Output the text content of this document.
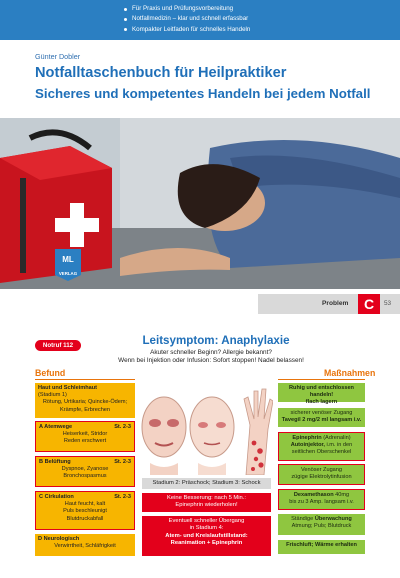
Für Praxis und Prüfungsvorbereitung
Notfallmedizin – klar und schnell erfassbar
Kompakter Leitfaden für schnelles Handeln
Günter Dobler
Notfalltaschenbuch für Heilpraktiker
Sicheres und kompetentes Handeln bei jedem Notfall
ML
VERLAG
Problem	C	53
Notruf 112	Leitsymptom: Anaphylaxie
Akuter schneller Beginn? Allergie bekannt?
Wenn bei Injektion oder Infusion: Sofort stoppen! Nadel belassen!
Befund	Maßnahmen
Haut und Schleimhaut
(Stadium 1)
Rötung, Urtikaria; Quincke-Ödem; Krämpfe, Erbrechen
A Atemwege	St. 2-3
Heiserkeit, Stridor
Reden erschwert
B Belüftung	St. 2-3
Dyspnoe, Zyanose
Bronchospasmus
C Cirkulation	St. 2-3
Haut feucht, kalt
Puls beschleunigt
Blutdruckabfall
D Neurologisch
Verwirrtheit, Schläfrigkeit
Stadium 2: Präschock; Stadium 3: Schock
Keine Besserung: nach 5 Min.:
Epinephrin wiederholen!
Eventuell schneller Übergang
in Stadium 4:
Atem- und Kreislaufstillstand:
Reanimation + Epinephrin
Ruhig und entschlossen handeln!
flach lagern
sicherer venöser Zugang
Tavegil 2 mg/2 ml langsam i.v.
Epinephrin (Adrenalin)
Autoinjektor, i.m. in den
seitlichen Oberschenkel
Venöser Zugang
zügige Elektrolytinfusion
Dexamethason 40mg
bis zu 3 Amp. langsam i.v.
Ständige Überwachung
Atmung; Puls; Blutdruck
Frischluft; Wärme erhalten
